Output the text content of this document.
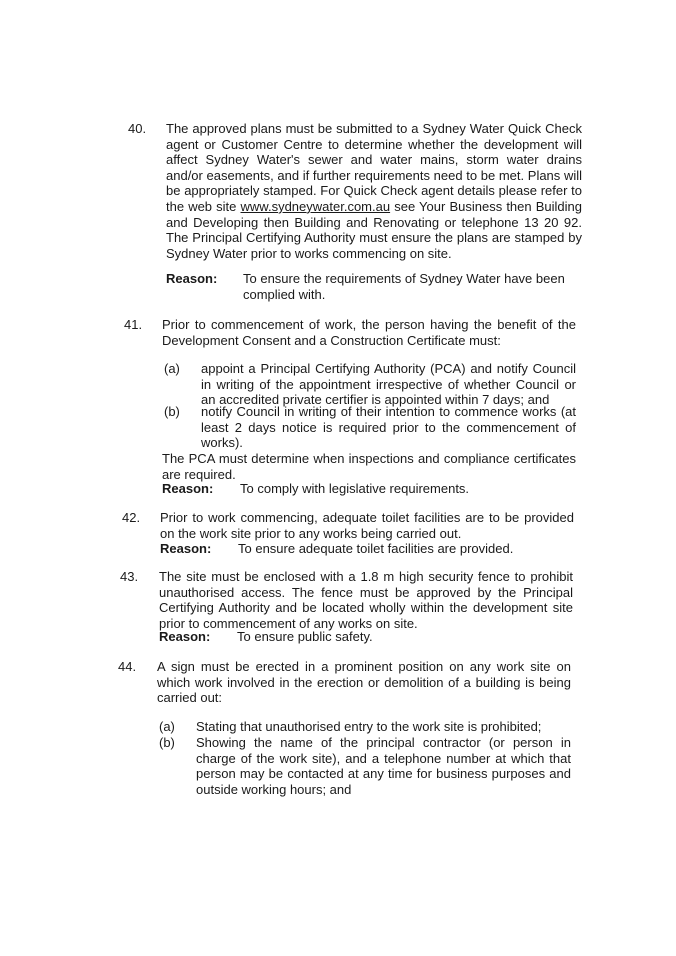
40. The approved plans must be submitted to a Sydney Water Quick Check agent or Customer Centre to determine whether the development will affect Sydney Water's sewer and water mains, storm water drains and/or easements, and if further requirements need to be met. Plans will be appropriately stamped. For Quick Check agent details please refer to the web site www.sydneywater.com.au see Your Business then Building and Developing then Building and Renovating or telephone 13 20 92. The Principal Certifying Authority must ensure the plans are stamped by Sydney Water prior to works commencing on site.

Reason:	To ensure the requirements of Sydney Water have been complied with.
41. Prior to commencement of work, the person having the benefit of the Development Consent and a Construction Certificate must:
(a) appoint a Principal Certifying Authority (PCA) and notify Council in writing of the appointment irrespective of whether Council or an accredited private certifier is appointed within 7 days; and
(b) notify Council in writing of their intention to commence works (at least 2 days notice is required prior to the commencement of works).
The PCA must determine when inspections and compliance certificates are required.
Reason:	To comply with legislative requirements.
42. Prior to work commencing, adequate toilet facilities are to be provided on the work site prior to any works being carried out.
Reason:	To ensure adequate toilet facilities are provided.
43. The site must be enclosed with a 1.8 m high security fence to prohibit unauthorised access. The fence must be approved by the Principal Certifying Authority and be located wholly within the development site prior to commencement of any works on site.
Reason:	To ensure public safety.
44. A sign must be erected in a prominent position on any work site on which work involved in the erection or demolition of a building is being carried out:
(a) Stating that unauthorised entry to the work site is prohibited;
(b) Showing the name of the principal contractor (or person in charge of the work site), and a telephone number at which that person may be contacted at any time for business purposes and outside working hours; and
